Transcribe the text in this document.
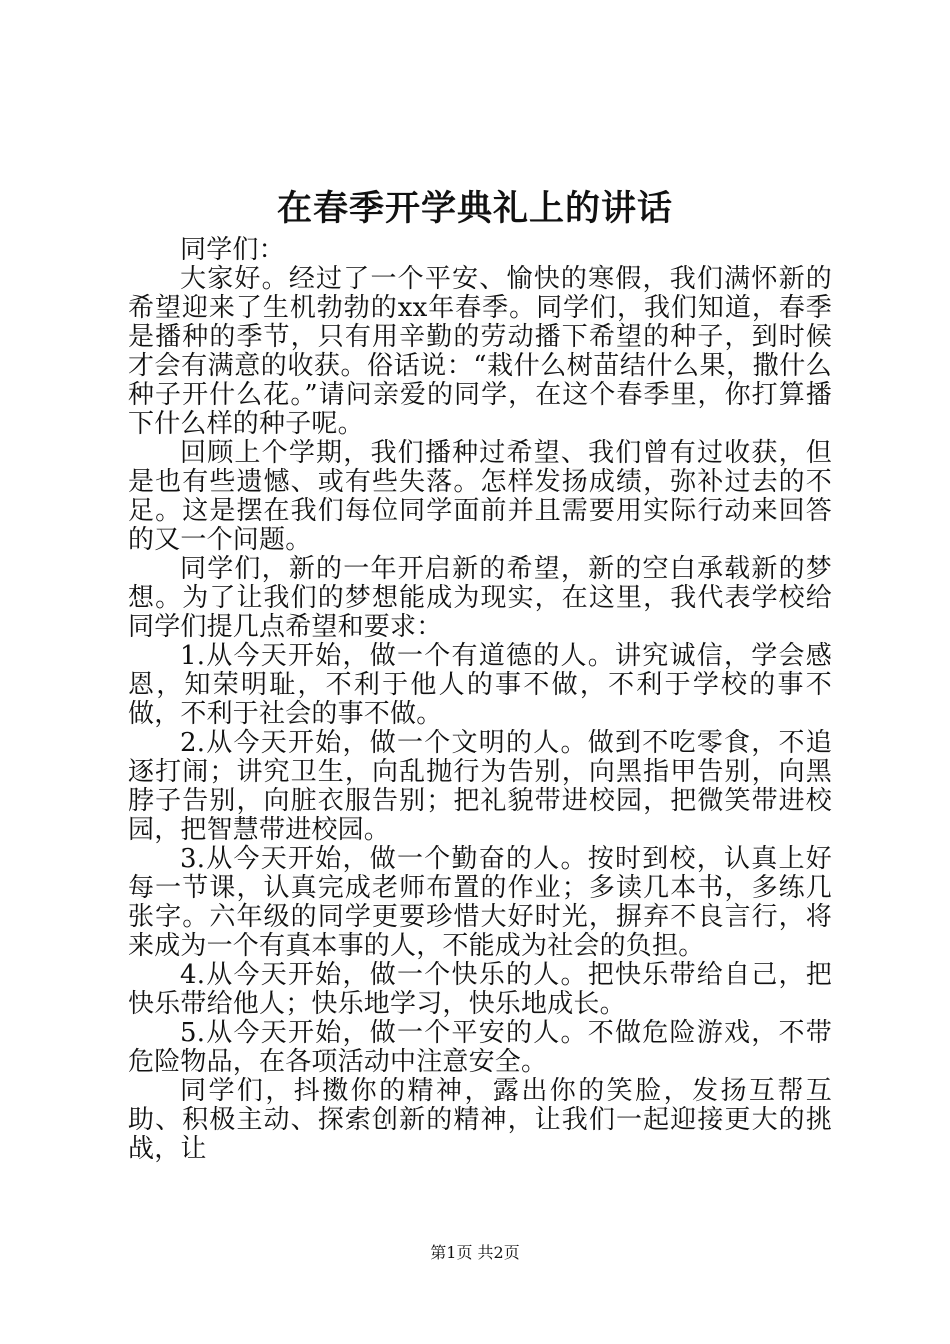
在春季开学典礼上的讲话

同学们：

大家好。经过了一个平安、愉快的寒假，我们满怀新的希望迎来了生机勃勃的xx年春季。同学们，我们知道，春季是播种的季节，只有用辛勤的劳动播下希望的种子，到时候才会有满意的收获。俗话说：“栽什么树苗结什么果，撒什么种子开什么花。”请问亲爱的同学，在这个春季里，你打算播下什么样的种子呢。

回顾上个学期，我们播种过希望、我们曾有过收获，但是也有些遗憾、或有些失落。怎样发扬成绩，弥补过去的不足。这是摆在我们每位同学面前并且需要用实际行动来回答的又一个问题。

同学们，新的一年开启新的希望，新的空白承载新的梦想。为了让我们的梦想能成为现实，在这里，我代表学校给同学们提几点希望和要求：

1.从今天开始，做一个有道德的人。讲究诚信，学会感恩，知荣明耻，不利于他人的事不做，不利于学校的事不做，不利于社会的事不做。

2.从今天开始，做一个文明的人。做到不吃零食，不追逐打闹；讲究卫生，向乱抛行为告别，向黑指甲告别，向黑脖子告别，向脏衣服告别；把礼貌带进校园，把微笑带进校园，把智慧带进校园。

3.从今天开始，做一个勤奋的人。按时到校，认真上好每一节课，认真完成老师布置的作业；多读几本书，多练几张字。六年级的同学更要珍惜大好时光，摒弃不良言行，将来成为一个有真本事的人，不能成为社会的负担。

4.从今天开始，做一个快乐的人。把快乐带给自己，把快乐带给他人；快乐地学习，快乐地成长。

5.从今天开始，做一个平安的人。不做危险游戏，不带危险物品，在各项活动中注意安全。

同学们，抖擞你的精神，露出你的笑脸，发扬互帮互助、积极主动、探索创新的精神，让我们一起迎接更大的挑战，让

第1页 共2页
